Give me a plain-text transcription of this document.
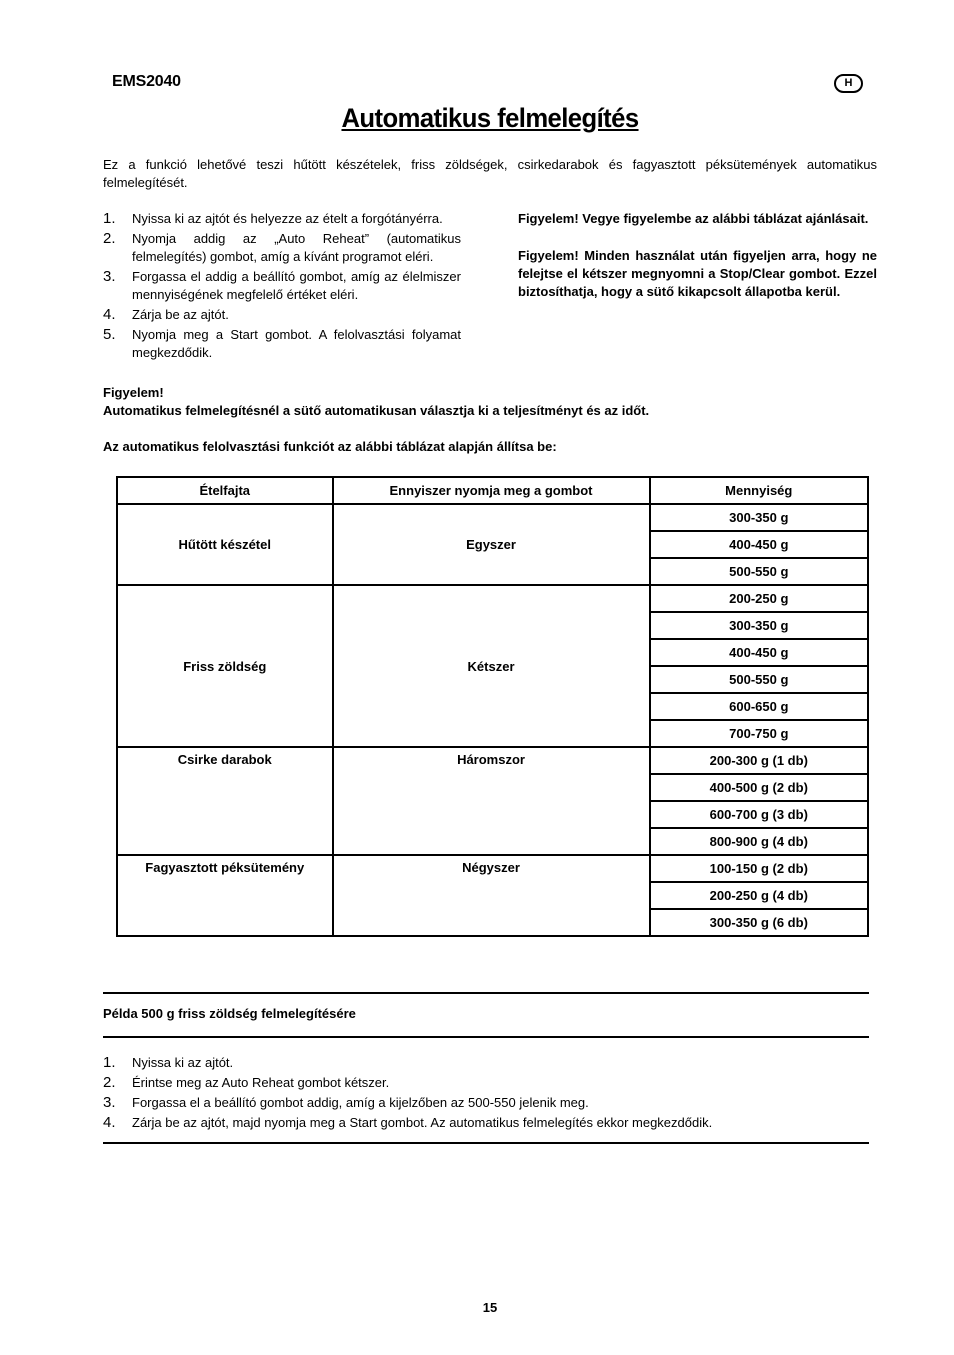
EMS2040	H
Automatikus felmelegítés
Ez a funkció lehetővé teszi hűtött készételek, friss zöldségek, csirkedarabok és fagyasztott péksütemények automatikus felmelegítését.
1. Nyissa ki az ajtót és helyezze az ételt a forgótányérra.
2. Nyomja addig az „Auto Reheat” (automatikus felmelegítés) gombot, amíg a kívánt programot eléri.
3. Forgassa el addig a beállító gombot, amíg az élelmiszer mennyiségének megfelelő értéket eléri.
4. Zárja be az ajtót.
5. Nyomja meg a Start gombot. A felolvasztási folyamat megkezdődik.

Figyelem! Vegye figyelembe az alábbi táblázat ajánlásait.

Figyelem! Minden használat után figyeljen arra, hogy ne felejtse el kétszer megnyomni a Stop/Clear gombot. Ezzel biztosíthatja, hogy a sütő kikapcsolt állapotba kerül.

Figyelem!
Automatikus felmelegítésnél a sütő automatikusan választja ki a teljesítményt és az időt.
Az automatikus felolvasztási funkciót az alábbi táblázat alapján állítsa be:
Ételfajta	Ennyiszer nyomja meg a gombot	Mennyiség
Hűtött készétel	Egyszer	300-350 g
		400-450 g
		500-550 g
Friss zöldség	Kétszer	200-250 g
		300-350 g
		400-450 g
		500-550 g
		600-650 g
		700-750 g
Csirke darabok	Háromszor	200-300 g (1 db)
		400-500 g (2 db)
		600-700 g (3 db)
		800-900 g (4 db)
Fagyasztott péksütemény	Négyszer	100-150 g (2 db)
		200-250 g (4 db)
		300-350 g (6 db)
Példa 500 g friss zöldség felmelegítésére
1. Nyissa ki az ajtót.
2. Érintse meg az Auto Reheat gombot kétszer.
3. Forgassa el a beállító gombot addig, amíg a kijelzőben az 500-550 jelenik meg.
4. Zárja be az ajtót, majd nyomja meg a Start gombot. Az automatikus felmelegítés ekkor megkezdődik.
15
